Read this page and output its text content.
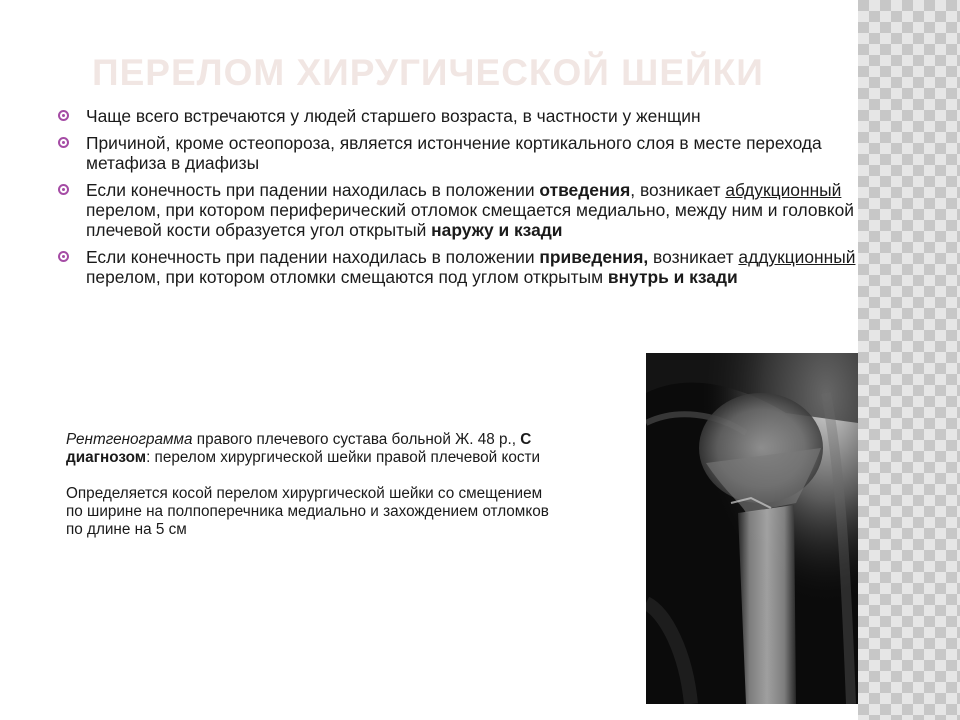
ПЕРЕЛОМ ХИРУГИЧЕСКОЙ ШЕЙКИ
Чаще всего встречаются у людей старшего возраста, в частности у женщин
Причиной, кроме остеопороза, является истончение кортикального слоя в месте перехода метафиза в диафизы
Если конечность при падении находилась в положении отведения, возникает абдукционный перелом, при котором периферический отломок смещается медиально, между ним и головкой плечевой кости образуется угол открытый наружу и кзади
Если конечность при падении находилась в положении приведения, возникает аддукционный перелом, при котором отломки смещаются под углом открытым внутрь и кзади

Рентгенограмма правого плечевого сустава больной Ж. 48 р., С диагнозом: перелом хирургической шейки правой плечевой кости

Определяется косой перелом хирургической шейки со смещением по ширине на полпоперечника медиально и захождением отломков по длине на 5 см
